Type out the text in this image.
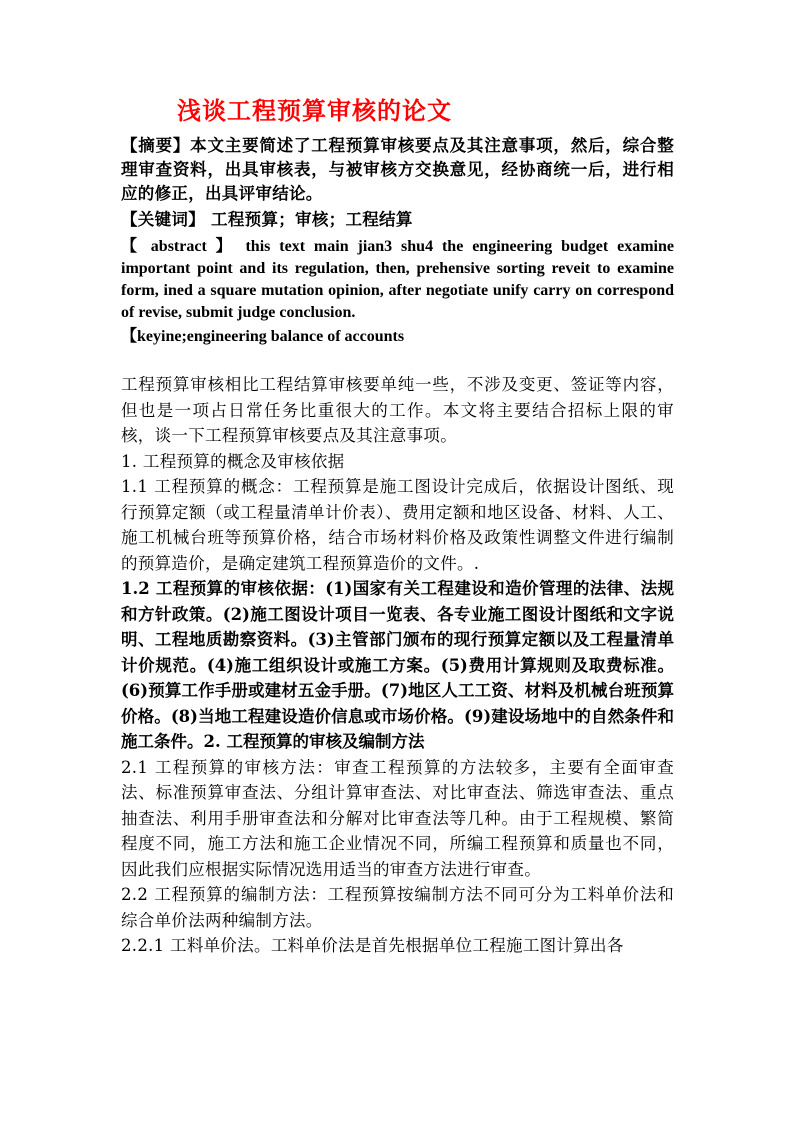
浅谈工程预算审核的论文

【摘要】本文主要简述了工程预算审核要点及其注意事项，然后，综合整理审查资料，出具审核表，与被审核方交换意见，经协商统一后，进行相应的修正，出具评审结论。

【关键词】 工程预算；审核；工程结算

【 abstract 】 this text main jian3 shu4 the engineering budget examine important point and its regulation, then, prehensive sorting reveit to examine form, ined a square mutation opinion, after negotiate unify carry on correspond of revise, submit judge conclusion.

【keyine;engineering balance of accounts

工程预算审核相比工程结算审核要单纯一些，不涉及变更、签证等内容，但也是一项占日常任务比重很大的工作。本文将主要结合招标上限的审核，谈一下工程预算审核要点及其注意事项。

1. 工程预算的概念及审核依据

1.1 工程预算的概念：工程预算是施工图设计完成后，依据设计图纸、现行预算定额（或工程量清单计价表）、费用定额和地区设备、材料、人工、施工机械台班等预算价格，结合市场材料价格及政策性调整文件进行编制的预算造价，是确定建筑工程预算造价的文件。.

1.2 工程预算的审核依据：(1)国家有关工程建设和造价管理的法律、法规和方针政策。(2)施工图设计项目一览表、各专业施工图设计图纸和文字说明、工程地质勘察资料。(3)主管部门颁布的现行预算定额以及工程量清单计价规范。(4)施工组织设计或施工方案。(5)费用计算规则及取费标准。(6)预算工作手册或建材五金手册。(7)地区人工工资、材料及机械台班预算价格。(8)当地工程建设造价信息或市场价格。(9)建设场地中的自然条件和施工条件。2. 工程预算的审核及编制方法

2.1 工程预算的审核方法：审查工程预算的方法较多，主要有全面审查法、标准预算审查法、分组计算审查法、对比审查法、筛选审查法、重点抽查法、利用手册审查法和分解对比审查法等几种。由于工程规模、繁简程度不同，施工方法和施工企业情况不同，所编工程预算和质量也不同，因此我们应根据实际情况选用适当的审查方法进行审查。

2.2 工程预算的编制方法：工程预算按编制方法不同可分为工料单价法和综合单价法两种编制方法。

2.2.1 工料单价法。工料单价法是首先根据单位工程施工图计算出各
